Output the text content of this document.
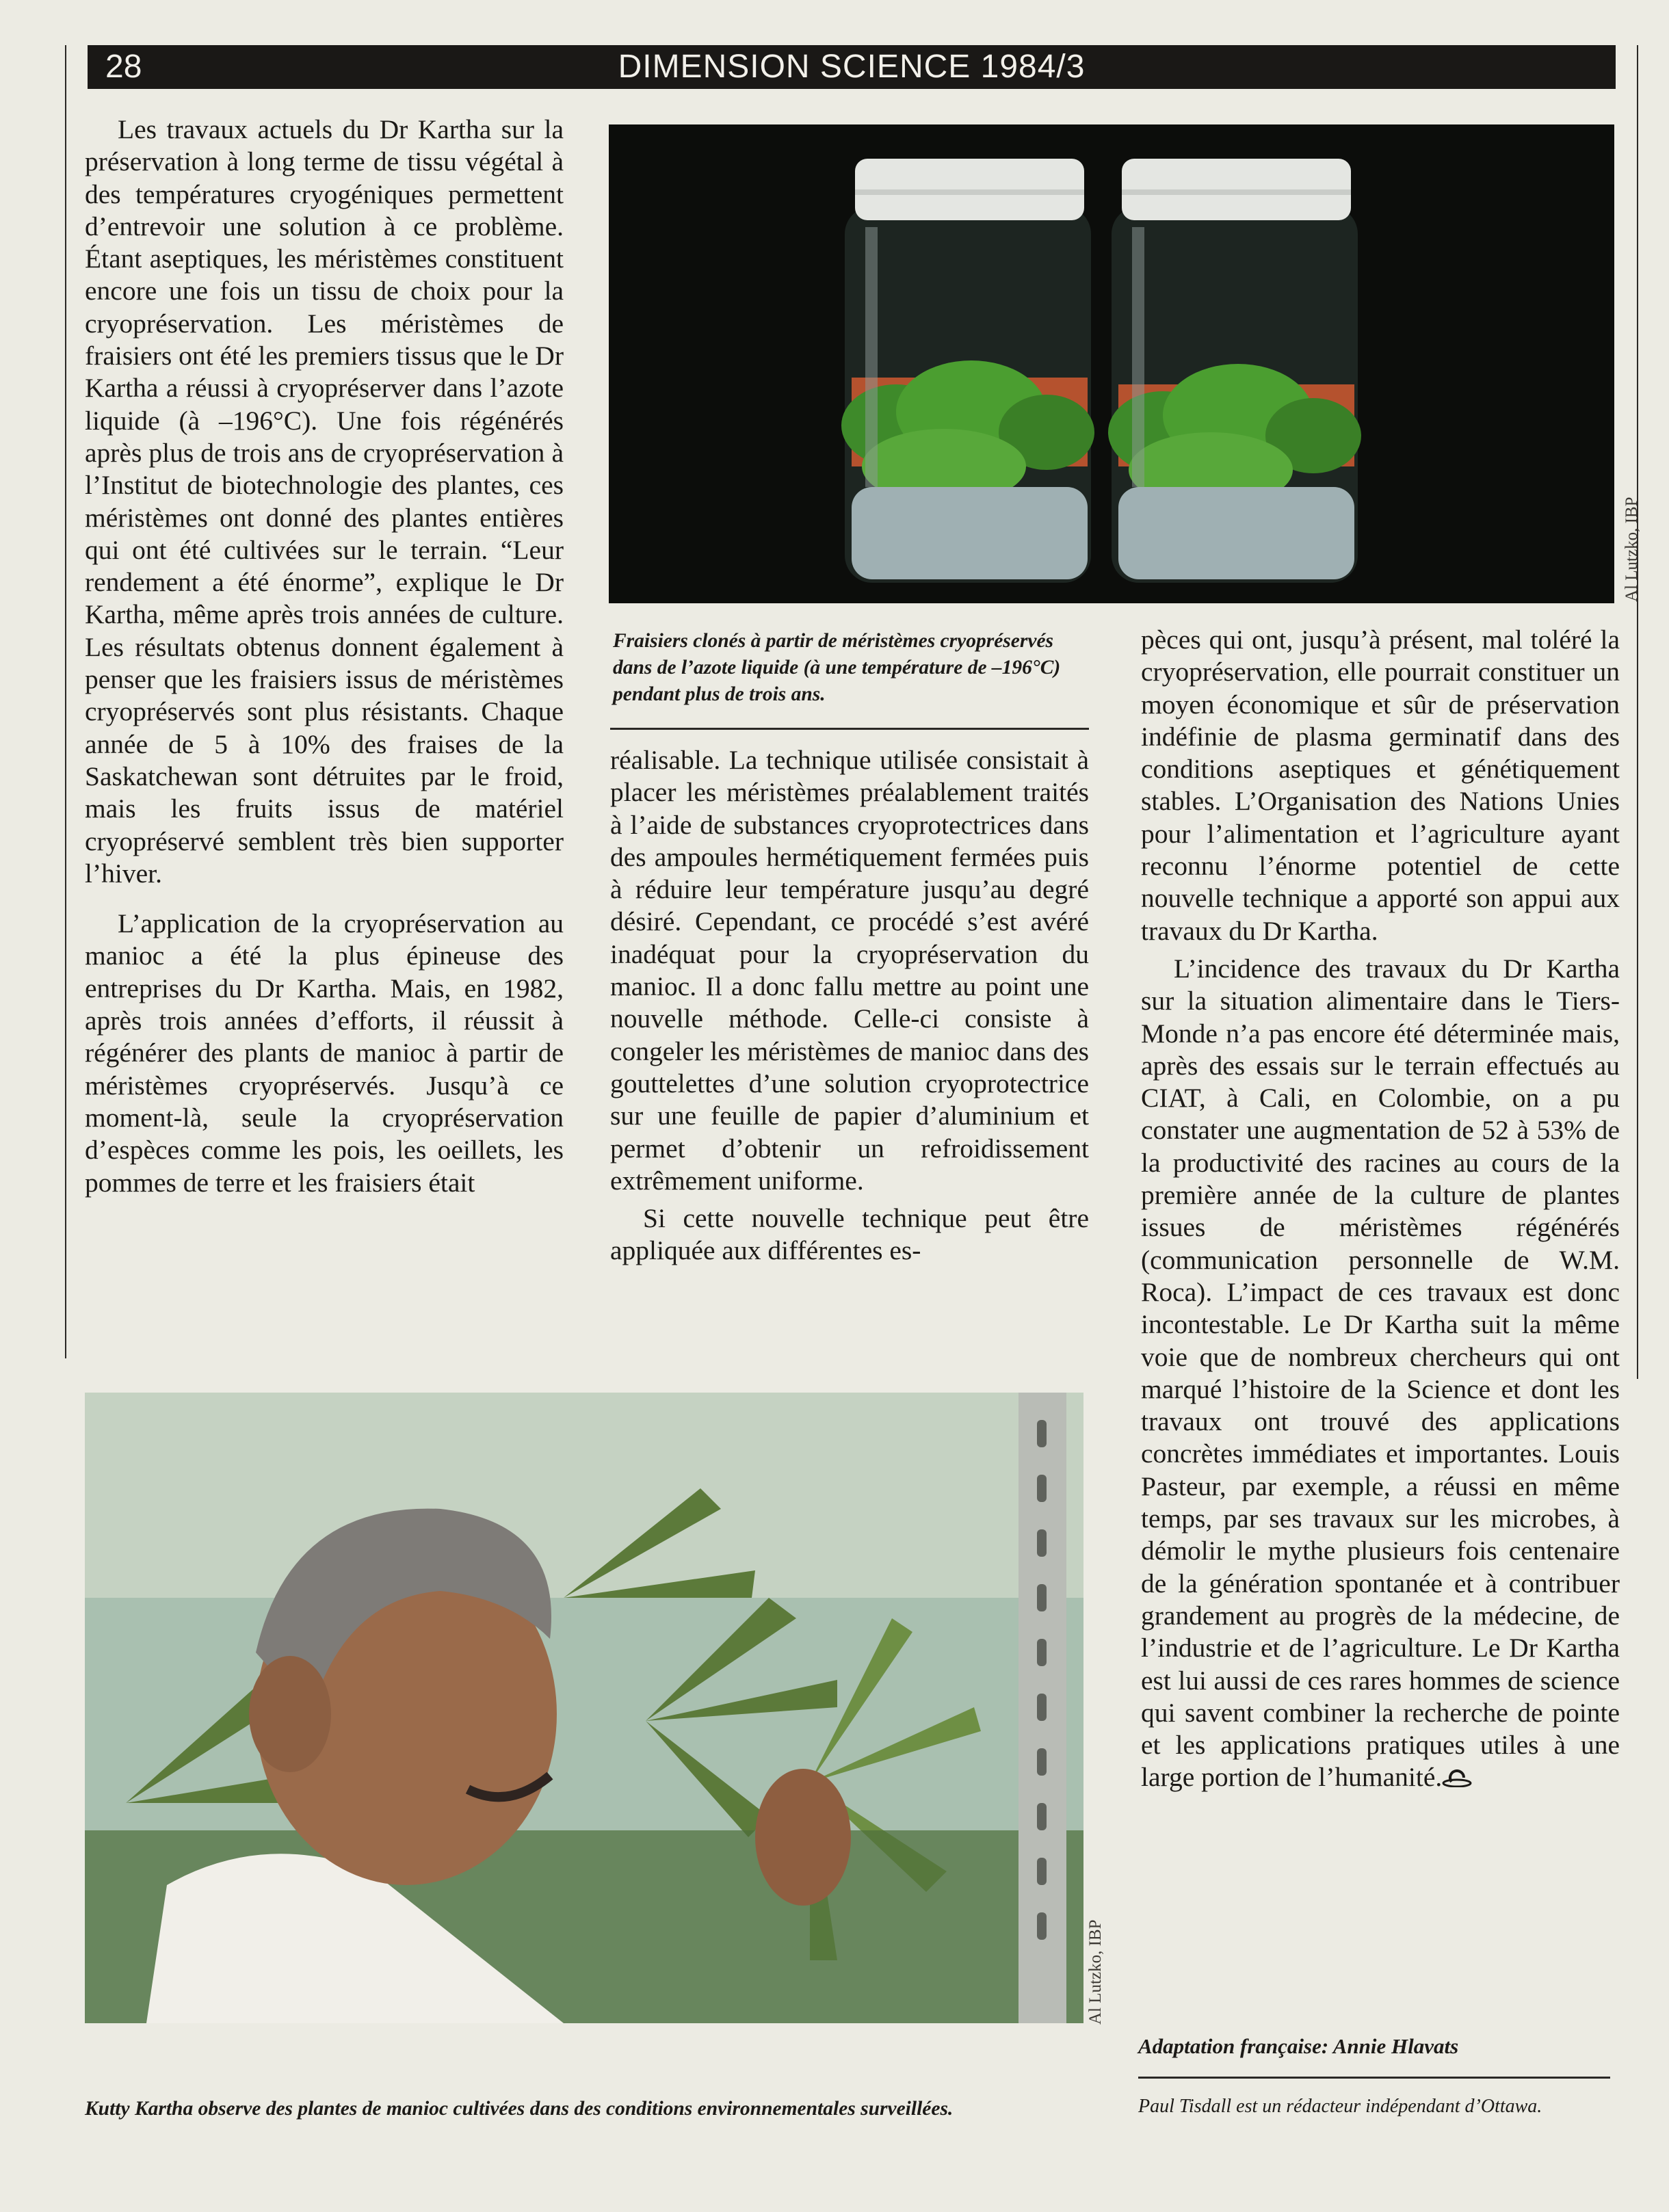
28	DIMENSION SCIENCE 1984/3

Les travaux actuels du Dr Kartha sur la préservation à long terme de tissu végétal à des températures cryogéniques permettent d’entrevoir une solution à ce problème. Étant aseptiques, les méristèmes constituent encore une fois un tissu de choix pour la cryopréservation. Les méristèmes de fraisiers ont été les premiers tissus que le Dr Kartha a réussi à cryopréserver dans l’azote liquide (à –196°C). Une fois régénérés après plus de trois ans de cryopréservation à l’Institut de biotechnologie des plantes, ces méristèmes ont donné des plantes entières qui ont été cultivées sur le terrain. “Leur rendement a été énorme”, explique le Dr Kartha, même après trois années de culture. Les résultats obtenus donnent également à penser que les fraisiers issus de méristèmes cryopréservés sont plus résistants. Chaque année de 5 à 10% des fraises de la Saskatchewan sont détruites par le froid, mais les fruits issus de matériel cryopréservé semblent très bien supporter l’hiver.

L’application de la cryopréservation au manioc a été la plus épineuse des entreprises du Dr Kartha. Mais, en 1982, après trois années d’efforts, il réussit à régénérer des plants de manioc à partir de méristèmes cryopréservés. Jusqu’à ce moment-là, seule la cryopréservation d’espèces comme les pois, les oeillets, les pommes de terre et les fraisiers était

Al Lutzko, IBP
Fraisiers clonés à partir de méristèmes cryopréservés dans de l’azote liquide (à une température de –196°C) pendant plus de trois ans.

réalisable. La technique utilisée consistait à placer les méristèmes préalablement traités à l’aide de substances cryoprotectrices dans des ampoules hermétiquement fermées puis à réduire leur température jusqu’au degré désiré. Cependant, ce procédé s’est avéré inadéquat pour la cryopréservation du manioc. Il a donc fallu mettre au point une nouvelle méthode. Celle-ci consiste à congeler les méristèmes de manioc dans des gouttelettes d’une solution cryoprotectrice sur une feuille de papier d’aluminium et permet d’obtenir un refroidissement extrêmement uniforme.

Si cette nouvelle technique peut être appliquée aux différentes es-

pèces qui ont, jusqu’à présent, mal toléré la cryopréservation, elle pourrait constituer un moyen économique et sûr de préservation indéfinie de plasma germinatif dans des conditions aseptiques et génétiquement stables. L’Organisation des Nations Unies pour l’alimentation et l’agriculture ayant reconnu l’énorme potentiel de cette nouvelle technique a apporté son appui aux travaux du Dr Kartha.

L’incidence des travaux du Dr Kartha sur la situation alimentaire dans le Tiers-Monde n’a pas encore été déterminée mais, après des essais sur le terrain effectués au CIAT, à Cali, en Colombie, on a pu constater une augmentation de 52 à 53% de la productivité des racines au cours de la première année de la culture de plantes issues de méristèmes régénérés (communication personnelle de W.M. Roca). L’impact de ces travaux est donc incontestable. Le Dr Kartha suit la même voie que de nombreux chercheurs qui ont marqué l’histoire de la Science et dont les travaux ont trouvé des applications concrètes immédiates et importantes. Louis Pasteur, par exemple, a réussi en même temps, par ses travaux sur les microbes, à démolir le mythe plusieurs fois centenaire de la génération spontanée et à contribuer grandement au progrès de la médecine, de l’industrie et de l’agriculture. Le Dr Kartha est lui aussi de ces rares hommes de science qui savent combiner la recherche de pointe et les applications pratiques utiles à une large portion de l’humanité.

Al Lutzko, IBP
Kutty Kartha observe des plantes de manioc cultivées dans des conditions environnementales surveillées.
Adaptation française: Annie Hlavats
Paul Tisdall est un rédacteur indépendant d’Ottawa.
